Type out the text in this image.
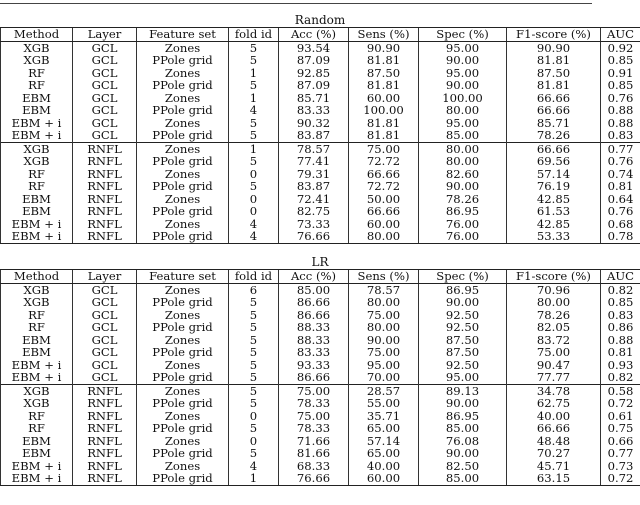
Random
Method	Layer	Feature set	fold id	Acc (%)	Sens (%)	Spec (%)	F1-score (%)	AUC
XGB	GCL	Zones	5	93.54	90.90	95.00	90.90	0.92
XGB	GCL	PPole grid	5	87.09	81.81	90.00	81.81	0.85
RF	GCL	Zones	1	92.85	87.50	95.00	87.50	0.91
RF	GCL	PPole grid	5	87.09	81.81	90.00	81.81	0.85
EBM	GCL	Zones	1	85.71	60.00	100.00	66.66	0.76
EBM	GCL	PPole grid	4	83.33	100.00	80.00	66.66	0.88
EBM + i	GCL	Zones	5	90.32	81.81	95.00	85.71	0.88
EBM + i	GCL	PPole grid	5	83.87	81.81	85.00	78.26	0.83
XGB	RNFL	Zones	1	78.57	75.00	80.00	66.66	0.77
XGB	RNFL	PPole grid	5	77.41	72.72	80.00	69.56	0.76
RF	RNFL	Zones	0	79.31	66.66	82.60	57.14	0.74
RF	RNFL	PPole grid	5	83.87	72.72	90.00	76.19	0.81
EBM	RNFL	Zones	0	72.41	50.00	78.26	42.85	0.64
EBM	RNFL	PPole grid	0	82.75	66.66	86.95	61.53	0.76
EBM + i	RNFL	Zones	4	73.33	60.00	76.00	42.85	0.68
EBM + i	RNFL	PPole grid	4	76.66	80.00	76.00	53.33	0.78
LR
Method	Layer	Feature set	fold id	Acc (%)	Sens (%)	Spec (%)	F1-score (%)	AUC
XGB	GCL	Zones	6	85.00	78.57	86.95	70.96	0.82
XGB	GCL	PPole grid	5	86.66	80.00	90.00	80.00	0.85
RF	GCL	Zones	5	86.66	75.00	92.50	78.26	0.83
RF	GCL	PPole grid	5	88.33	80.00	92.50	82.05	0.86
EBM	GCL	Zones	5	88.33	90.00	87.50	83.72	0.88
EBM	GCL	PPole grid	5	83.33	75.00	87.50	75.00	0.81
EBM + i	GCL	Zones	5	93.33	95.00	92.50	90.47	0.93
EBM + i	GCL	PPole grid	5	86.66	70.00	95.00	77.77	0.82
XGB	RNFL	Zones	5	75.00	28.57	89.13	34.78	0.58
XGB	RNFL	PPole grid	5	78.33	55.00	90.00	62.75	0.72
RF	RNFL	Zones	0	75.00	35.71	86.95	40.00	0.61
RF	RNFL	PPole grid	5	78.33	65.00	85.00	66.66	0.75
EBM	RNFL	Zones	0	71.66	57.14	76.08	48.48	0.66
EBM	RNFL	PPole grid	5	81.66	65.00	90.00	70.27	0.77
EBM + i	RNFL	Zones	4	68.33	40.00	82.50	45.71	0.73
EBM + i	RNFL	PPole grid	1	76.66	60.00	85.00	63.15	0.72
